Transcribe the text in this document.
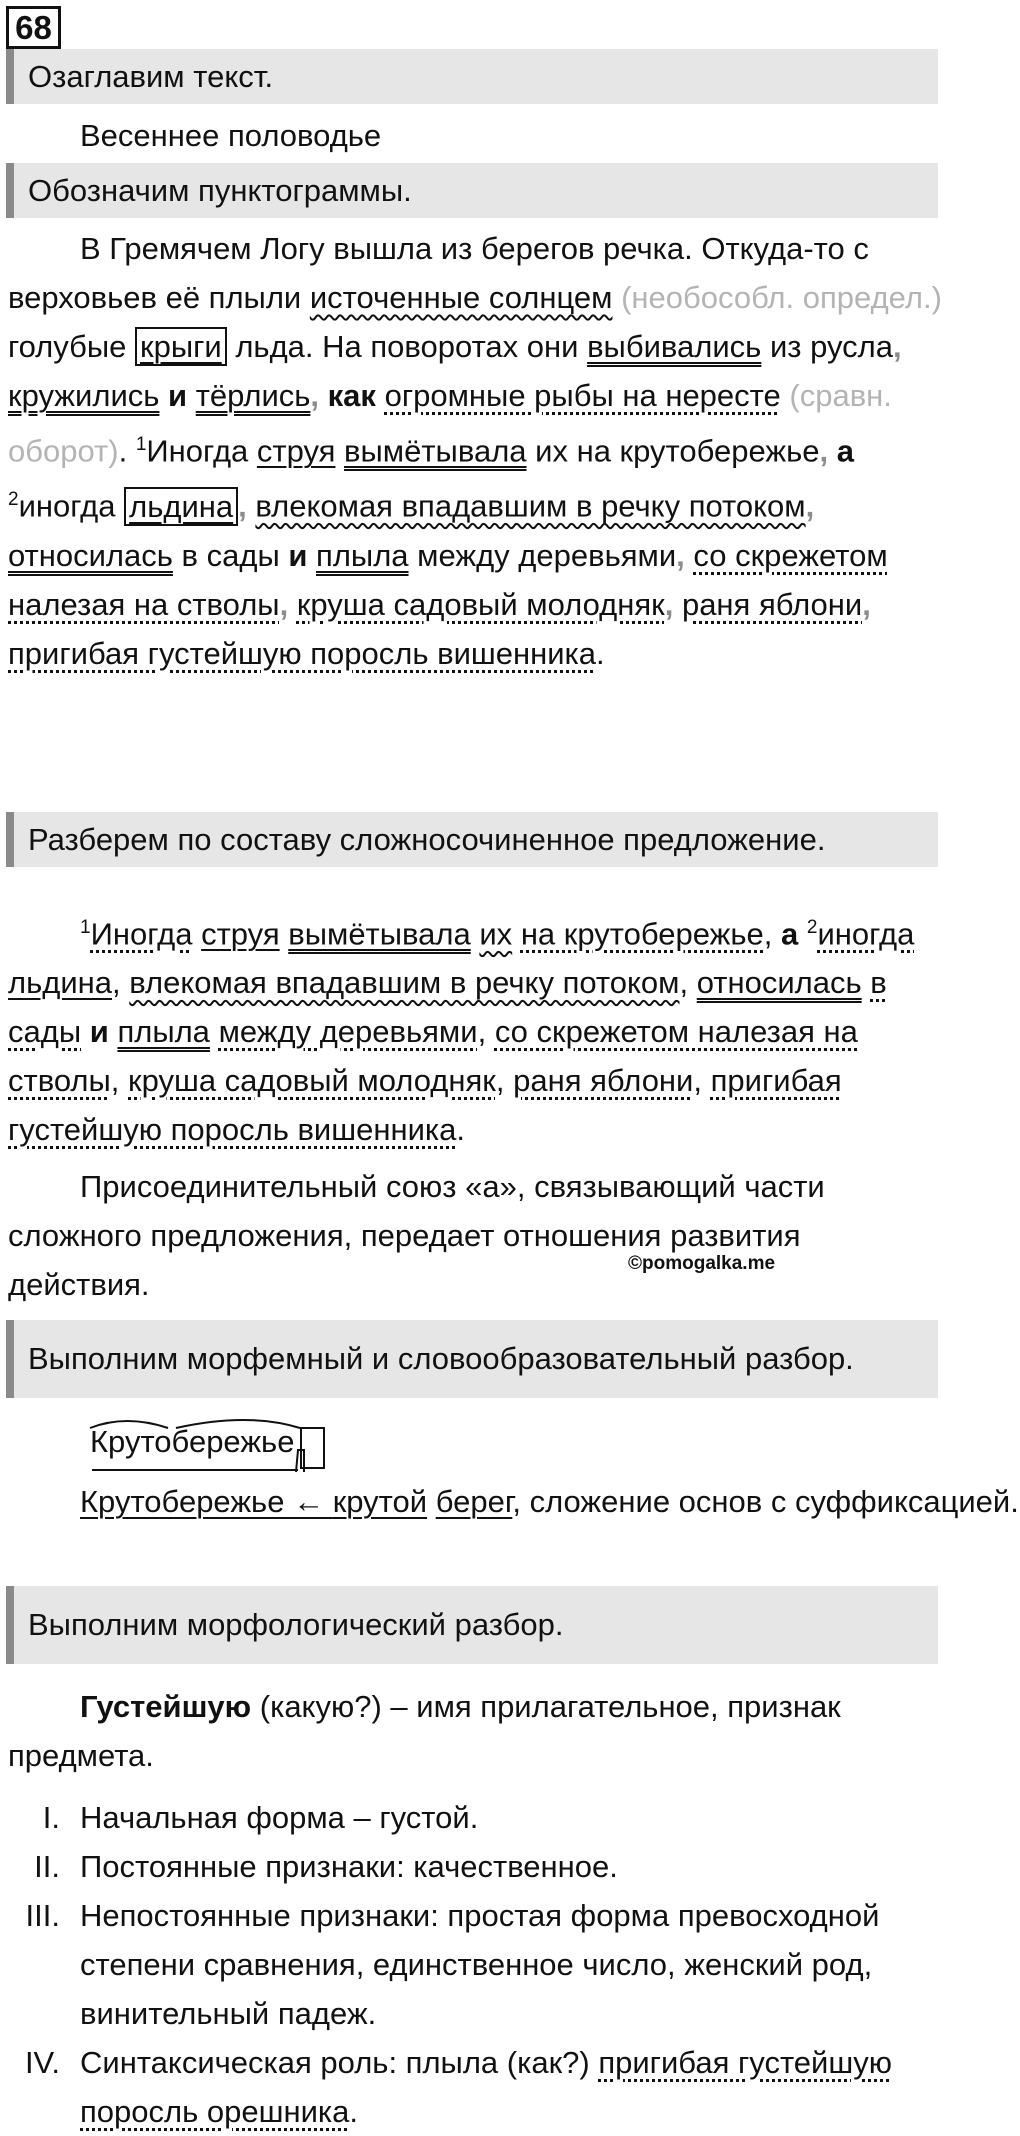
68
Озаглавим текст.

Весеннее половодье

Обозначим пунктограммы.

В Гремячем Логу вышла из берегов речка. Откуда-то с верховьев её плыли источенные солнцем (необособл. определ.) голубые крыги льда. На поворотах они выбивались из русла, кружились и тёрлись, как огромные рыбы на нересте (сравн. оборот). $^1$Иногда струя вымётывала их на крутобережье, а $^2$иногда льдина , влекомая впадавшим в речку потоком, относилась в сады и плыла между деревьями, со скрежетом налезая на стволы, круша садовый молодняк, раня яблони, пригибая густейшую поросль вишенника.

Разберем по составу сложносочиненное предложение.

$^1$Иногда струя вымётывала их на крутобережье, а $^2$иногда льдина, влекомая впадавшим в речку потоком, относилась в сады и плыла между деревьями, со скрежетом налезая на стволы, круша садовый молодняк, раня яблони, пригибая густейшую поросль вишенника.

Присоединительный союз «а», связывающий части сложного предложения, передает отношения развития действия.

©pomogalka.me
Выполним морфемный и словообразовательный разбор.
Крутобережье

Крутобережье ← крутой берег, сложение основ с суффиксацией.

Выполним морфологический разбор.

Густейшую (какую?) – имя прилагательное, признак предмета.

I. Начальная форма – густой.
II. Постоянные признаки: качественное.
III. Непостоянные признаки: простая форма превосходной степени сравнения, единственное число, женский род, винительный падеж.
IV. Синтаксическая роль: плыла (как?) пригибая густейшую поросль орешника.
